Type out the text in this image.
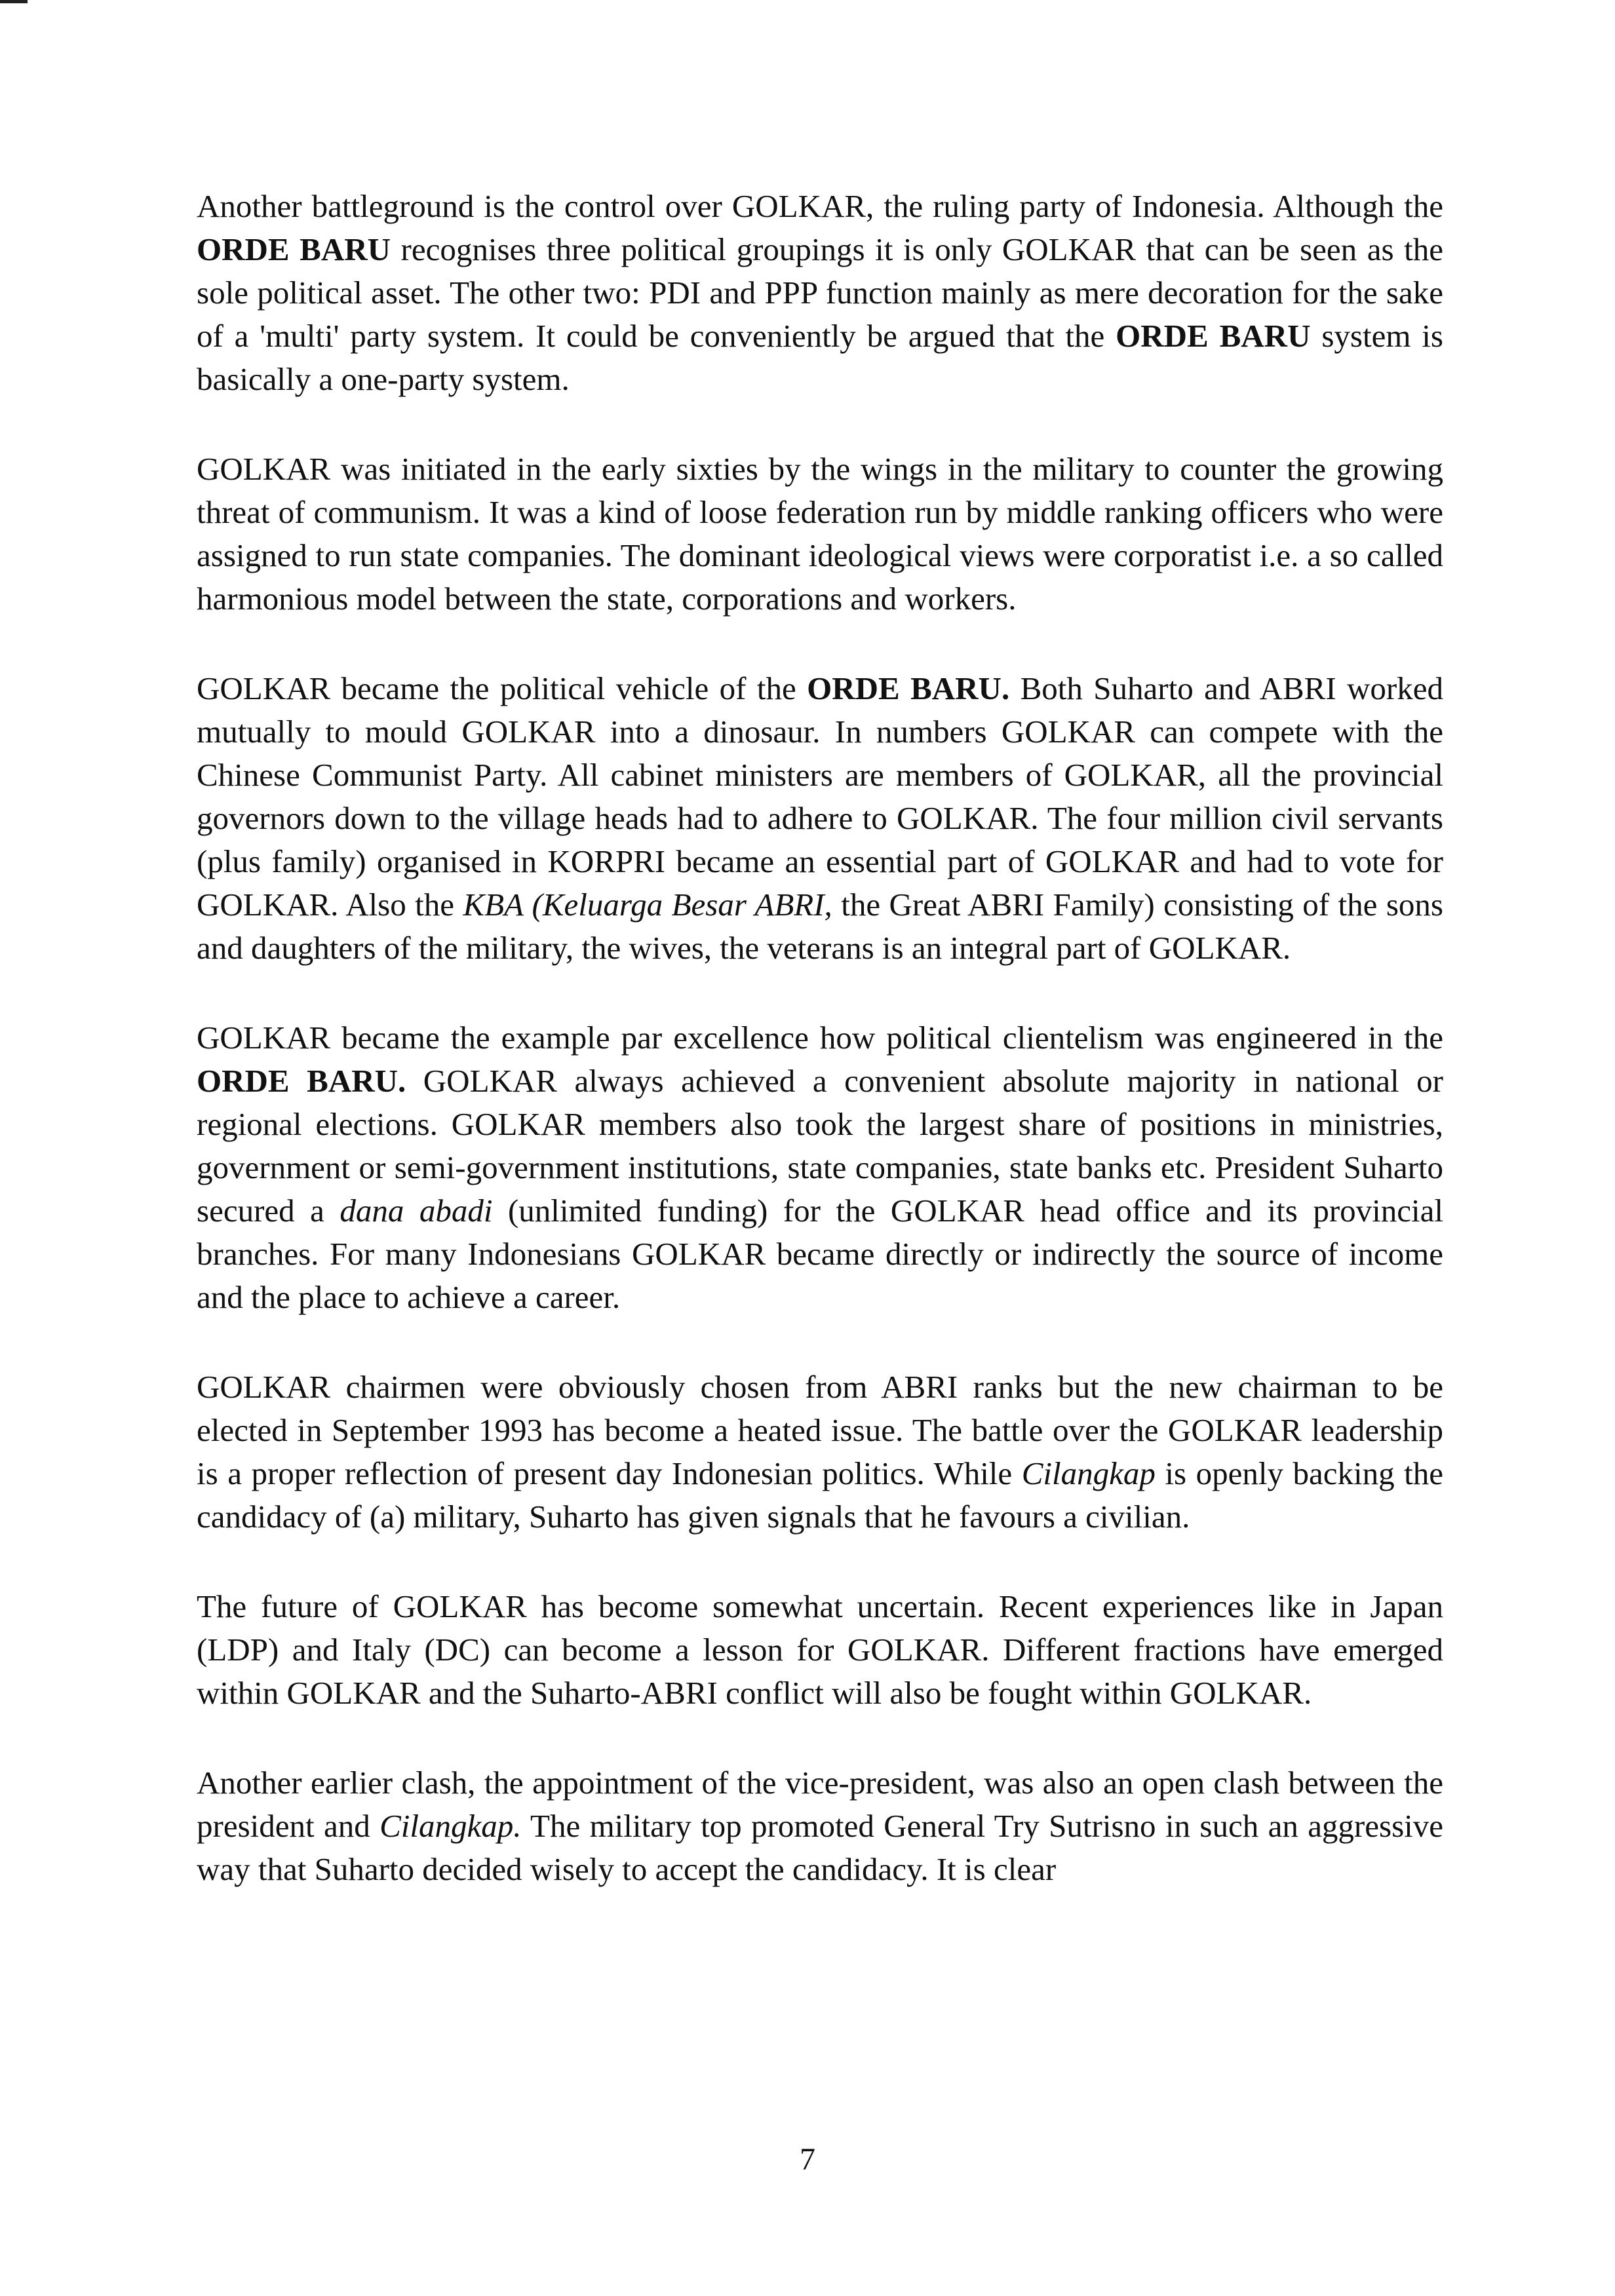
Another battleground is the control over GOLKAR, the ruling party of Indonesia. Although the ORDE BARU recognises three political groupings it is only GOLKAR that can be seen as the sole political asset. The other two: PDI and PPP function mainly as mere decoration for the sake of a 'multi' party system. It could be conveniently be argued that the ORDE BARU system is basically a one-party system.

GOLKAR was initiated in the early sixties by the wings in the military to counter the growing threat of communism. It was a kind of loose federation run by middle ranking officers who were assigned to run state companies. The dominant ideological views were corporatist i.e. a so called harmonious model between the state, corporations and workers.

GOLKAR became the political vehicle of the ORDE BARU. Both Suharto and ABRI worked mutually to mould GOLKAR into a dinosaur. In numbers GOLKAR can compete with the Chinese Communist Party. All cabinet ministers are members of GOLKAR, all the provincial governors down to the village heads had to adhere to GOLKAR. The four million civil servants (plus family) organised in KORPRI became an essential part of GOLKAR and had to vote for GOLKAR. Also the KBA (Keluarga Besar ABRI, the Great ABRI Family) consisting of the sons and daughters of the military, the wives, the veterans is an integral part of GOLKAR.

GOLKAR became the example par excellence how political clientelism was engineered in the ORDE BARU. GOLKAR always achieved a convenient absolute majority in national or regional elections. GOLKAR members also took the largest share of positions in ministries, government or semi-government institutions, state companies, state banks etc. President Suharto secured a dana abadi (unlimited funding) for the GOLKAR head office and its provincial branches. For many Indonesians GOLKAR became directly or indirectly the source of income and the place to achieve a career.

GOLKAR chairmen were obviously chosen from ABRI ranks but the new chairman to be elected in September 1993 has become a heated issue. The battle over the GOLKAR leadership is a proper reflection of present day Indonesian politics. While Cilangkap is openly backing the candidacy of (a) military, Suharto has given signals that he favours a civilian.

The future of GOLKAR has become somewhat uncertain. Recent experiences like in Japan (LDP) and Italy (DC) can become a lesson for GOLKAR. Different fractions have emerged within GOLKAR and the Suharto-ABRI conflict will also be fought within GOLKAR.

Another earlier clash, the appointment of the vice-president, was also an open clash between the president and Cilangkap. The military top promoted General Try Sutrisno in such an aggressive way that Suharto decided wisely to accept the candidacy. It is clear

7
